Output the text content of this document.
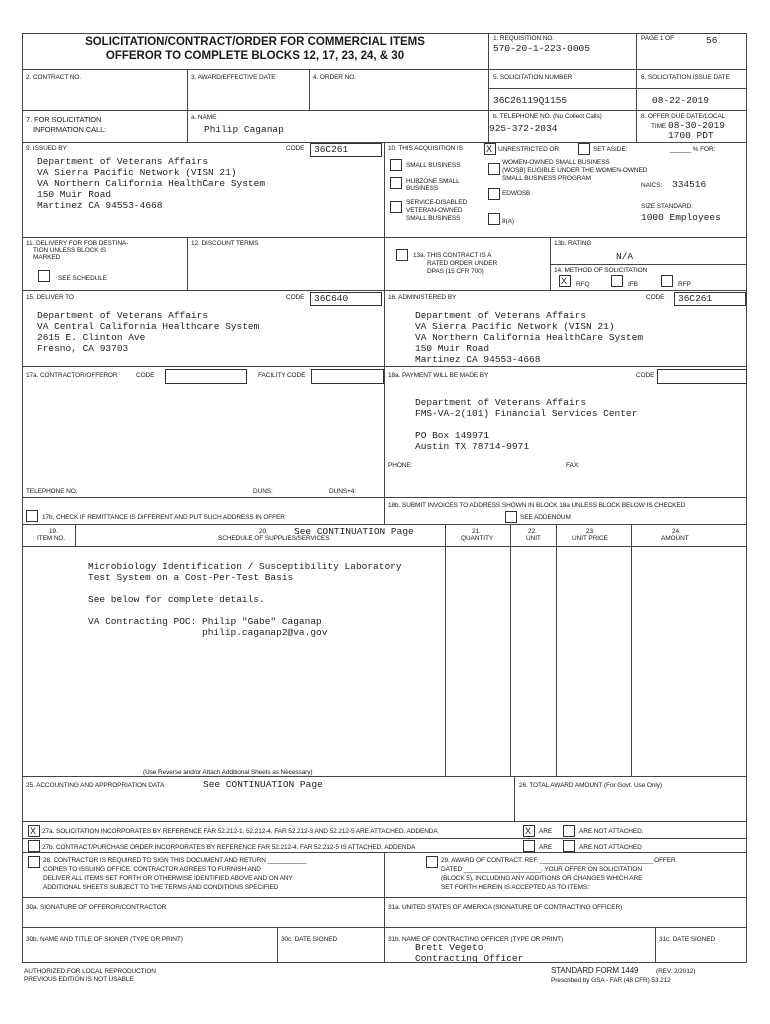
SOLICITATION/CONTRACT/ORDER FOR COMMERCIAL ITEMS
OFFEROR TO COMPLETE BLOCKS 12, 17, 23, 24, & 30
1. REQUISITION NO.
570-20-1-223-0005
PAGE 1 OF	56
2. CONTRACT NO.	3. AWARD/EFFECTIVE DATE	4. ORDER NO.	5. SOLICITATION NUMBER
36C26119Q1155
6. SOLICITATION ISSUE DATE
08-22-2019
7. FOR SOLICITATION
INFORMATION CALL:
a. NAME
Philip Caganap
b. TELEPHONE NO. (No Collect Calls)
925-372-2034
8. OFFER DUE DATE/LOCAL
TIME 08-30-2019
1700 PDT
9. ISSUED BY	CODE 36C261
Department of Veterans Affairs
VA Sierra Pacific Network (VISN 21)
VA Northern California HealthCare System
150 Muir Road
Martinez CA 94553-4668
10. THIS ACQUISITION IS	X UNRESTRICTED OR	SET ASIDE:	______ % FOR:
SMALL BUSINESS
HUBZONE SMALL
BUSINESS
SERVICE-DISABLED
VETERAN-OWNED
SMALL BUSINESS
WOMEN-OWNED SMALL BUSINESS
(WOSB) ELIGIBLE UNDER THE WOMEN-OWNED
SMALL BUSINESS PROGRAM
EDWOSB
8(A)
NAICS: 334516
SIZE STANDARD:
1000 Employees
11. DELIVERY FOR FOB DESTINA-
TION UNLESS BLOCK IS
MARKED
SEE SCHEDULE
12. DISCOUNT TERMS
13a. THIS CONTRACT IS A
RATED ORDER UNDER
DPAS (15 CFR 700)
13b. RATING
N/A
14. METHOD OF SOLICITATION
X RFQ	IFB	RFP
15. DELIVER TO	CODE 36C640
Department of Veterans Affairs
VA Central California Healthcare System
2615 E. Clinton Ave
Fresno, CA 93703
16. ADMINISTERED BY	CODE 36C261
Department of Veterans Affairs
VA Sierra Pacific Network (VISN 21)
VA Northern California HealthCare System
150 Muir Road
Martinez CA 94553-4668
17a. CONTRACTOR/OFFEROR	CODE	FACILITY CODE
TELEPHONE NO.	DUNS:	DUNS+4:
17b. CHECK IF REMITTANCE IS DIFFERENT AND PUT SUCH ADDRESS IN OFFER
18a. PAYMENT WILL BE MADE BY	CODE
Department of Veterans Affairs
FMS-VA-2(101) Financial Services Center
PO Box 149971
Austin TX 78714-9971
PHONE:	FAX:
18b. SUBMIT INVOICES TO ADDRESS SHOWN IN BLOCK 18a UNLESS BLOCK BELOW IS CHECKED
SEE ADDENDUM
19.
ITEM NO.
20.
SCHEDULE OF SUPPLIES/SERVICES
See CONTINUATION Page	21.
QUANTITY
22.
UNIT
23.
UNIT PRICE
24.
AMOUNT
Microbiology Identification / Susceptibility Laboratory
Test System on a Cost-Per-Test Basis
See below for complete details.
VA Contracting POC: Philip "Gabe" Caganap
philip.caganap2@va.gov
(Use Reverse and/or Attach Additional Sheets as Necessary)
25. ACCOUNTING AND APPROPRIATION DATA	See CONTINUATION Page	26. TOTAL AWARD AMOUNT (For Govt. Use Only)
X 27a. SOLICITATION INCORPORATES BY REFERENCE FAR 52.212-1, 52.212-4. FAR 52.212-3 AND 52.212-5 ARE ATTACHED. ADDENDA	X ARE	ARE NOT ATTACHED.
27b. CONTRACT/PURCHASE ORDER INCORPORATES BY REFERENCE FAR 52.212-4. FAR 52.212-5 IS ATTACHED. ADDENDA	ARE	ARE NOT ATTACHED
28. CONTRACTOR IS REQUIRED TO SIGN THIS DOCUMENT AND RETURN ___________
COPIES TO ISSUING OFFICE. CONTRACTOR AGREES TO FURNISH AND
DELIVER ALL ITEMS SET FORTH OR OTHERWISE IDENTIFIED ABOVE AND ON ANY
ADDITIONAL SHEETS SUBJECT TO THE TERMS AND CONDITIONS SPECIFIED
29. AWARD OF CONTRACT: REF. ________________________________ OFFER
DATED ______________________. YOUR OFFER ON SOLICITATION
(BLOCK 5), INCLUDING ANY ADDITIONS OR CHANGES WHICH ARE
SET FORTH HEREIN IS ACCEPTED AS TO ITEMS:
30a. SIGNATURE OF OFFEROR/CONTRACTOR	31a. UNITED STATES OF AMERICA (SIGNATURE OF CONTRACTING OFFICER)
30b. NAME AND TITLE OF SIGNER (TYPE OR PRINT)	30c. DATE SIGNED	31b. NAME OF CONTRACTING OFFICER (TYPE OR PRINT)
Brett Vegeto
Contracting Officer
31c. DATE SIGNED
AUTHORIZED FOR LOCAL REPRODUCTION
PREVIOUS EDITION IS NOT USABLE
STANDARD FORM 1449	(REV. 2/2012)
Prescribed by GSA - FAR (48 CFR) 53.212
